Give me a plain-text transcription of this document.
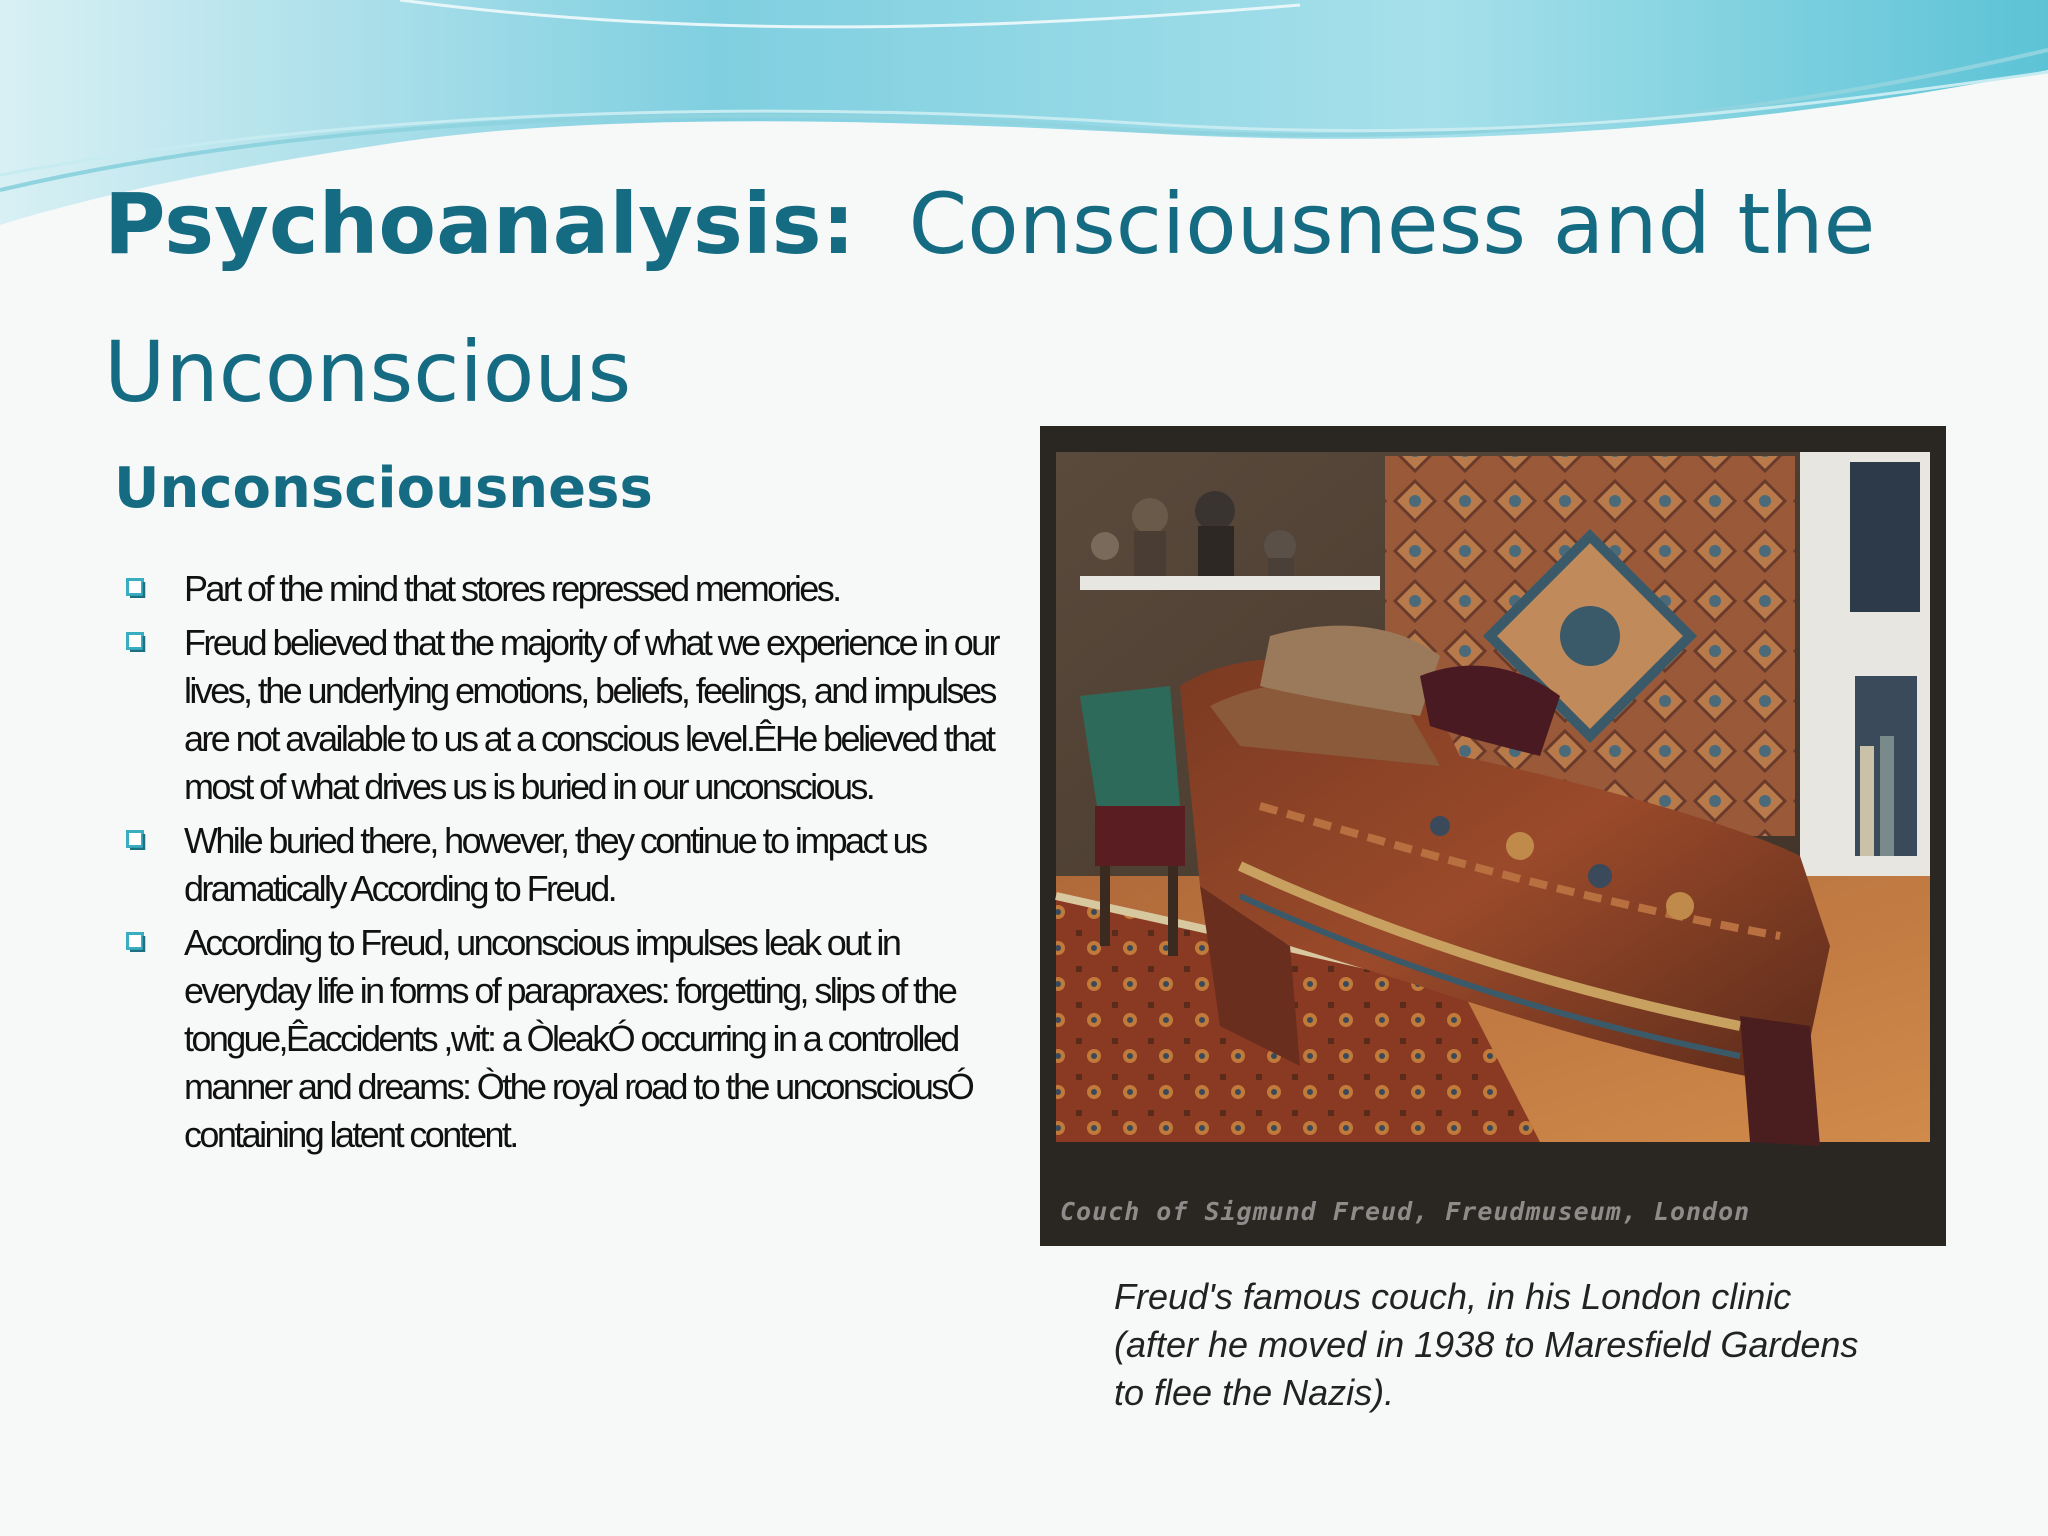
Psychoanalysis: Consciousness and the Unconscious
Unconsciousness
Part of the mind that stores repressed memories.
Freud believed that the majority of what we experience in our lives, the underlying emotions, beliefs, feelings, and impulses are not available to us at a conscious level.ÊHe believed that most of what drives us is buried in our unconscious.
While buried there, however, they continue to impact us dramatically According to Freud.
According to Freud, unconscious impulses leak out in everyday life in forms of parapraxes: forgetting, slips of the tongue,Êaccidents ,wit: a ÒleakÓ occurring in a controlled manner and dreams: Òthe royal road to the unconsciousÓ containing latent content.
Couch of Sigmund Freud, Freudmuseum, London

Freud's famous couch, in his London clinic (after he moved in 1938 to Maresfield Gardens to flee the Nazis).
